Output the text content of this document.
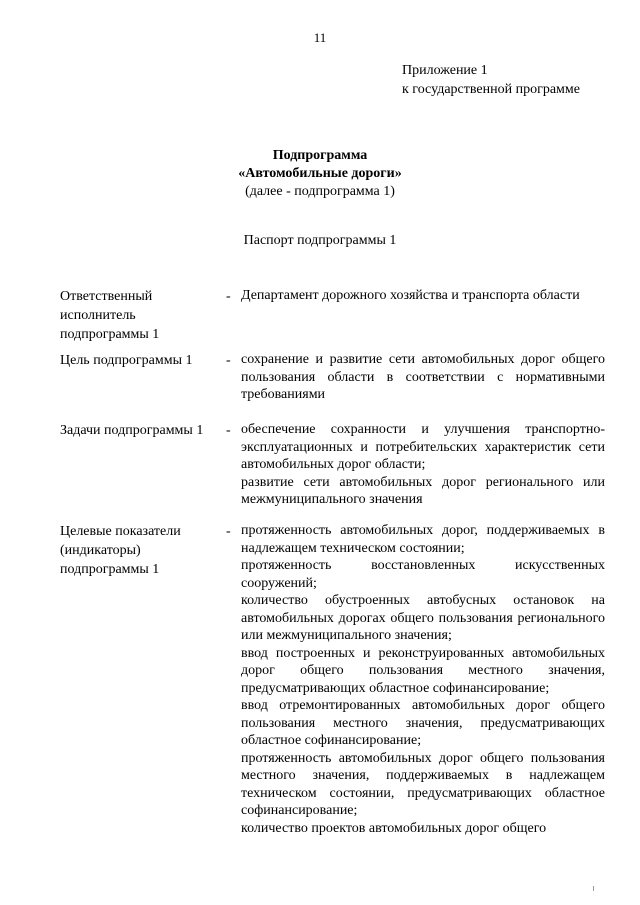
11
Приложение 1
к государственной программе
Подпрограмма
«Автомобильные дороги»
(далее - подпрограмма 1)
Паспорт подпрограммы 1
Ответственный исполнитель подпрограммы 1
- Департамент дорожного хозяйства и транспорта области
Цель подпрограммы 1	- сохранение и развитие сети автомобильных дорог общего пользования области в соответствии с нормативными требованиями
Задачи подпрограммы 1	- обеспечение сохранности и улучшения транспортно-эксплуатационных и потребительских характеристик сети автомобильных дорог области;
развитие сети автомобильных дорог регионального или межмуниципального значения
Целевые показатели (индикаторы) подпрограммы 1
- протяженность автомобильных дорог, поддерживаемых в надлежащем техническом состоянии;
протяженность восстановленных искусственных сооружений;
количество обустроенных автобусных остановок на автомобильных дорогах общего пользования регионального или межмуниципального значения;
ввод построенных и реконструированных автомобильных дорог общего пользования местного значения, предусматривающих областное софинансирование;
ввод отремонтированных автомобильных дорог общего пользования местного значения, предусматривающих областное софинансирование;
протяженность автомобильных дорог общего пользования местного значения, поддерживаемых в надлежащем техническом состоянии, предусматривающих областное софинансирование;
количество проектов автомобильных дорог общего
